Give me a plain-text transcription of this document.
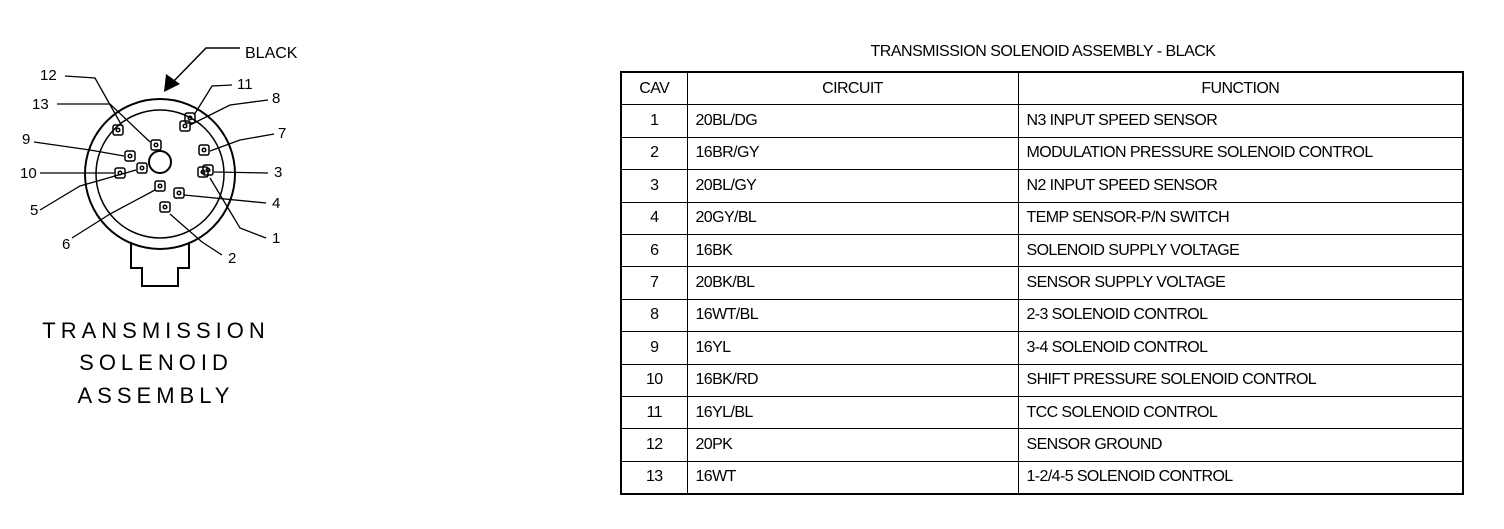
1
2
3
4
5
6
7
8
9
10
11
12
13
BLACK
TRANSMISSION
SOLENOID
ASSEMBLY
TRANSMISSION SOLENOID ASSEMBLY - BLACK
CAV	CIRCUIT	FUNCTION
1	20BL/DG	N3 INPUT SPEED SENSOR
2	16BR/GY	MODULATION PRESSURE SOLENOID CONTROL
3	20BL/GY	N2 INPUT SPEED SENSOR
4	20GY/BL	TEMP SENSOR-P/N SWITCH
6	16BK	SOLENOID SUPPLY VOLTAGE
7	20BK/BL	SENSOR SUPPLY VOLTAGE
8	16WT/BL	2-3 SOLENOID CONTROL
9	16YL	3-4 SOLENOID CONTROL
10	16BK/RD	SHIFT PRESSURE SOLENOID CONTROL
11	16YL/BL	TCC SOLENOID CONTROL
12	20PK	SENSOR GROUND
13	16WT	1-2/4-5 SOLENOID CONTROL
